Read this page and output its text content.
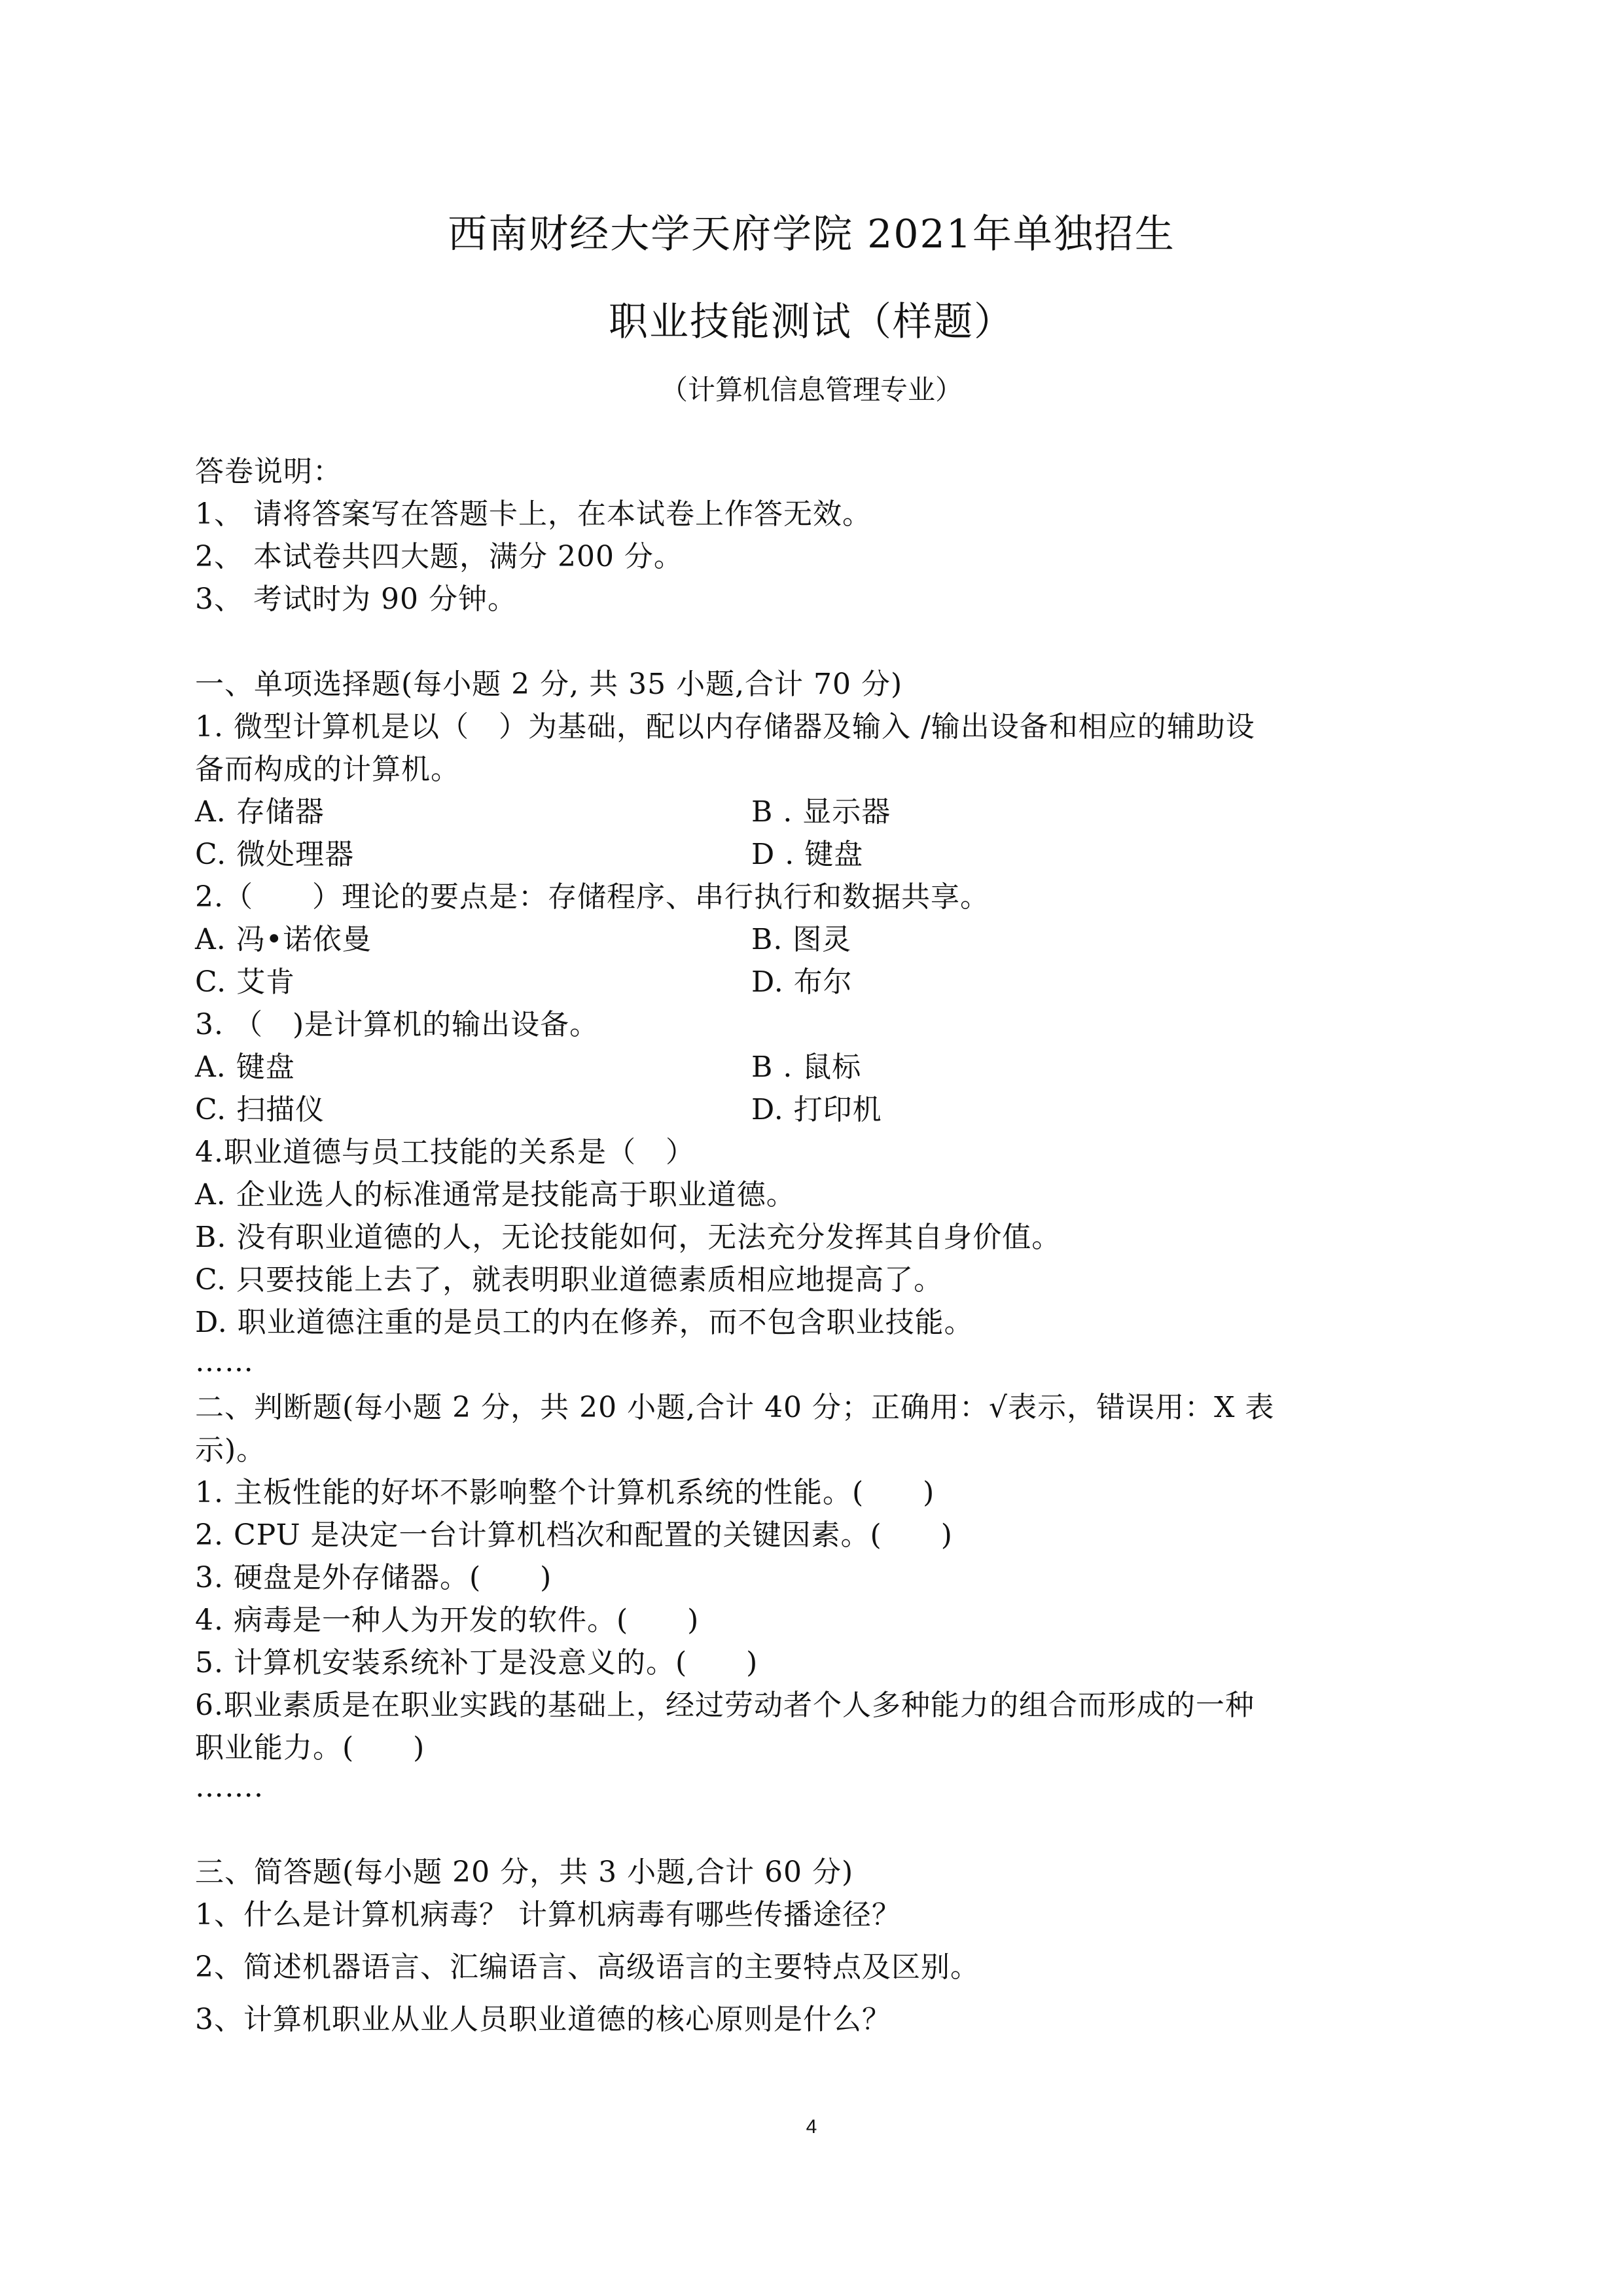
西南财经大学天府学院 2021年单独招生
职业技能测试（样题）
（计算机信息管理专业）
答卷说明：
1、 请将答案写在答题卡上，在本试卷上作答无效。
2、 本试卷共四大题，满分 200 分。
3、 考试时为 90 分钟。
一、单项选择题(每小题 2 分, 共 35 小题,合计 70 分)
1. 微型计算机是以（　）为基础，配以内存储器及输入 /输出设备和相应的辅助设
备而构成的计算机。
A. 存储器	B . 显示器
C. 微处理器	D . 键盘
2.（　　）理论的要点是：存储程序、串行执行和数据共享。
A. 冯•诺依曼	B. 图灵
C. 艾肯	D. 布尔
3. （　)是计算机的输出设备。
A. 键盘	B . 鼠标
C. 扫描仪	D. 打印机
4.职业道德与员工技能的关系是（　）
A. 企业选人的标准通常是技能高于职业道德。
B. 没有职业道德的人，无论技能如何，无法充分发挥其自身价值。
C. 只要技能上去了，就表明职业道德素质相应地提高了。
D. 职业道德注重的是员工的内在修养，而不包含职业技能。
……
二、判断题(每小题 2 分，共 20 小题,合计 40 分；正确用：√表示，错误用：X 表
示)。
1. 主板性能的好坏不影响整个计算机系统的性能。(　　)
2. CPU 是决定一台计算机档次和配置的关键因素。(　　)
3. 硬盘是外存储器。(　　)
4. 病毒是一种人为开发的软件。(　　)
5. 计算机安装系统补丁是没意义的。(　　)
6.职业素质是在职业实践的基础上，经过劳动者个人多种能力的组合而形成的一种
职业能力。(　　)
…….
三、简答题(每小题 20 分，共 3 小题,合计 60 分)
1、什么是计算机病毒？ 计算机病毒有哪些传播途径？
2、简述机器语言、汇编语言、高级语言的主要特点及区别。
3、计算机职业从业人员职业道德的核心原则是什么？
4
